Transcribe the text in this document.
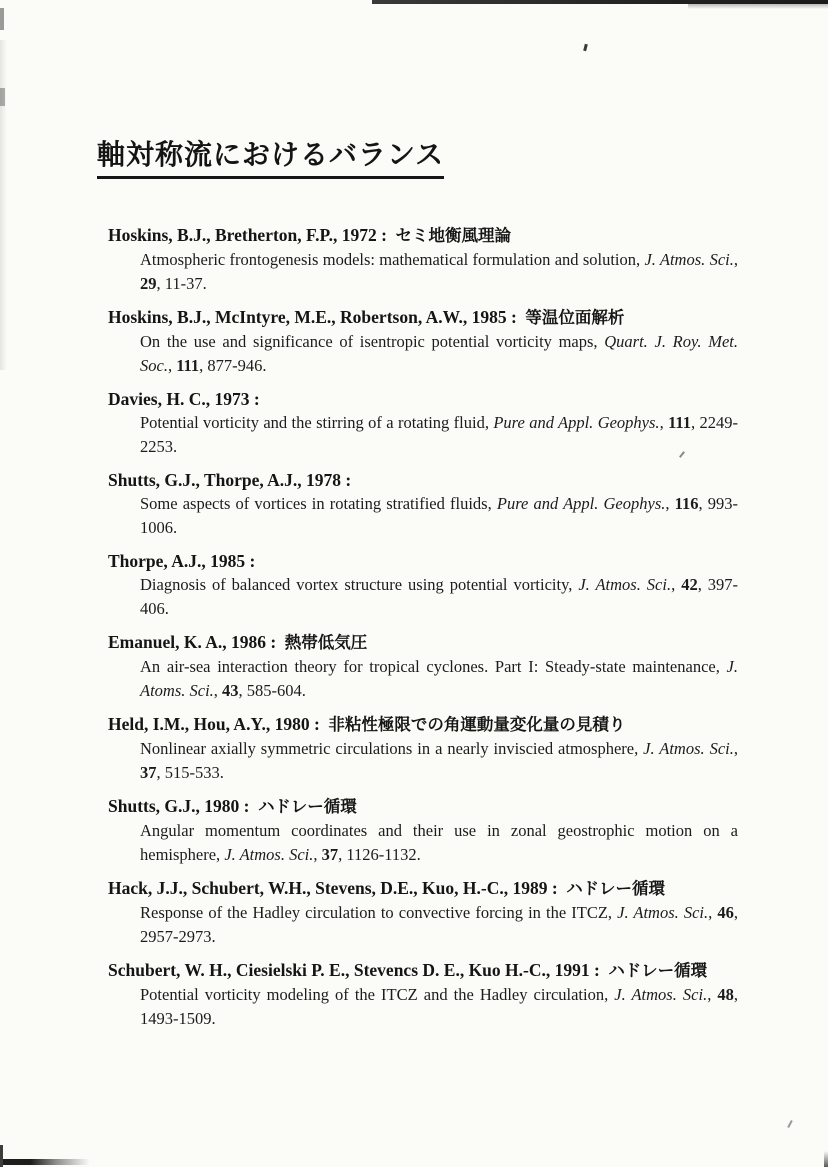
軸対称流におけるバランス
Hoskins, B.J., Bretherton, F.P., 1972 : セミ地衡風理論
Atmospheric frontogenesis models: mathematical formulation and solution, J. Atmos. Sci., 29, 11-37.
Hoskins, B.J., McIntyre, M.E., Robertson, A.W., 1985 : 等温位面解析
On the use and significance of isentropic potential vorticity maps, Quart. J. Roy. Met. Soc., 111, 877-946.
Davies, H. C., 1973 :
Potential vorticity and the stirring of a rotating fluid, Pure and Appl. Geophys., 111, 2249-2253.
Shutts, G.J., Thorpe, A.J., 1978 :
Some aspects of vortices in rotating stratified fluids, Pure and Appl. Geophys., 116, 993-1006.
Thorpe, A.J., 1985 :
Diagnosis of balanced vortex structure using potential vorticity, J. Atmos. Sci., 42, 397-406.
Emanuel, K. A., 1986 : 熱帯低気圧
An air-sea interaction theory for tropical cyclones. Part I: Steady-state maintenance, J. Atoms. Sci., 43, 585-604.
Held, I.M., Hou, A.Y., 1980 : 非粘性極限での角運動量変化量の見積り
Nonlinear axially symmetric circulations in a nearly inviscied atmosphere, J. Atmos. Sci., 37, 515-533.
Shutts, G.J., 1980 : ハドレー循環
Angular momentum coordinates and their use in zonal geostrophic motion on a hemisphere, J. Atmos. Sci., 37, 1126-1132.
Hack, J.J., Schubert, W.H., Stevens, D.E., Kuo, H.-C., 1989 : ハドレー循環
Response of the Hadley circulation to convective forcing in the ITCZ, J. Atmos. Sci., 46, 2957-2973.
Schubert, W. H., Ciesielski P. E., Stevencs D. E., Kuo H.-C., 1991 : ハドレー循環
Potential vorticity modeling of the ITCZ and the Hadley circulation, J. Atmos. Sci., 48, 1493-1509.
